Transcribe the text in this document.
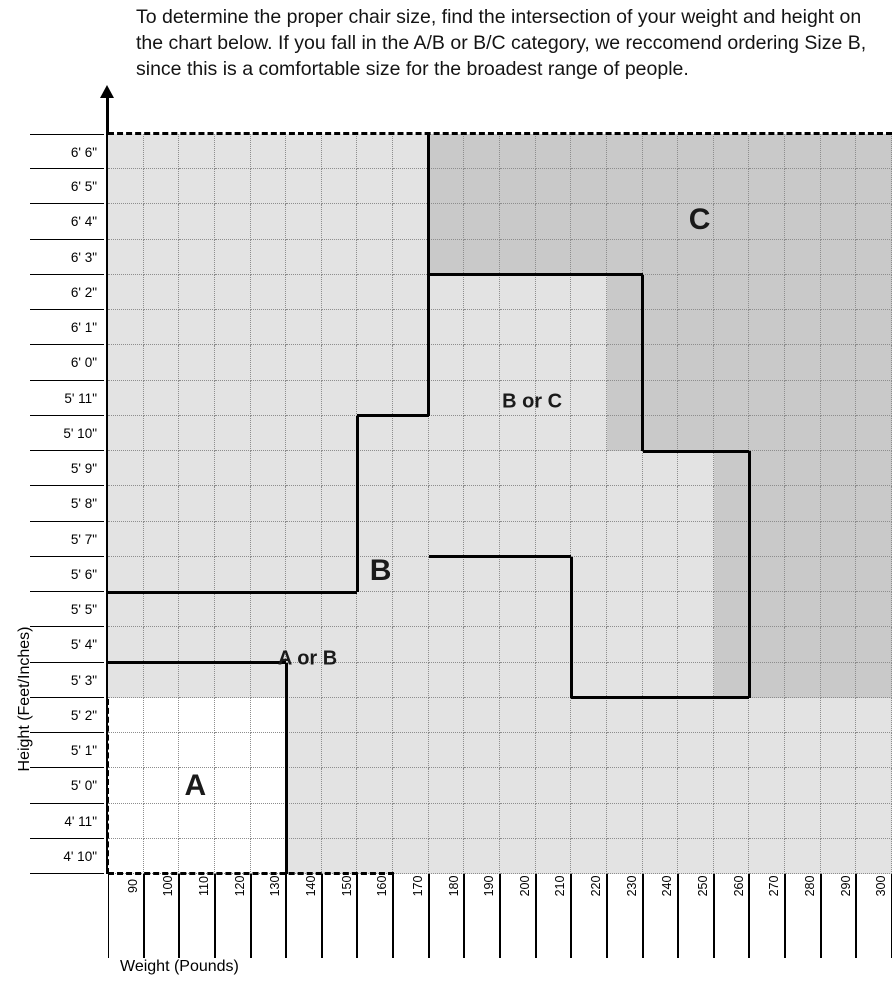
To determine the proper chair size, find the intersection of your weight and height on the chart below. If you fall in the A/B or B/C category, we reccomend ordering Size B, since this is a comfortable size for the broadest range of people.
Height (Feet/Inches)
Weight (Pounds)
6' 6"
6' 5"
6' 4"
6' 3"
6' 2"
6' 1"
6' 0"
5' 11"
5' 10"
5' 9"
5' 8"
5' 7"
5' 6"
5' 5"
5' 4"
5' 3"
5' 2"
5' 1"
5' 0"
4' 11"
4' 10"
C
B or C
B
A or B
A
90 100 110 120 130 140 150 160 170 180 190 200 210 220 230 240 250 260 270 280 290 300
